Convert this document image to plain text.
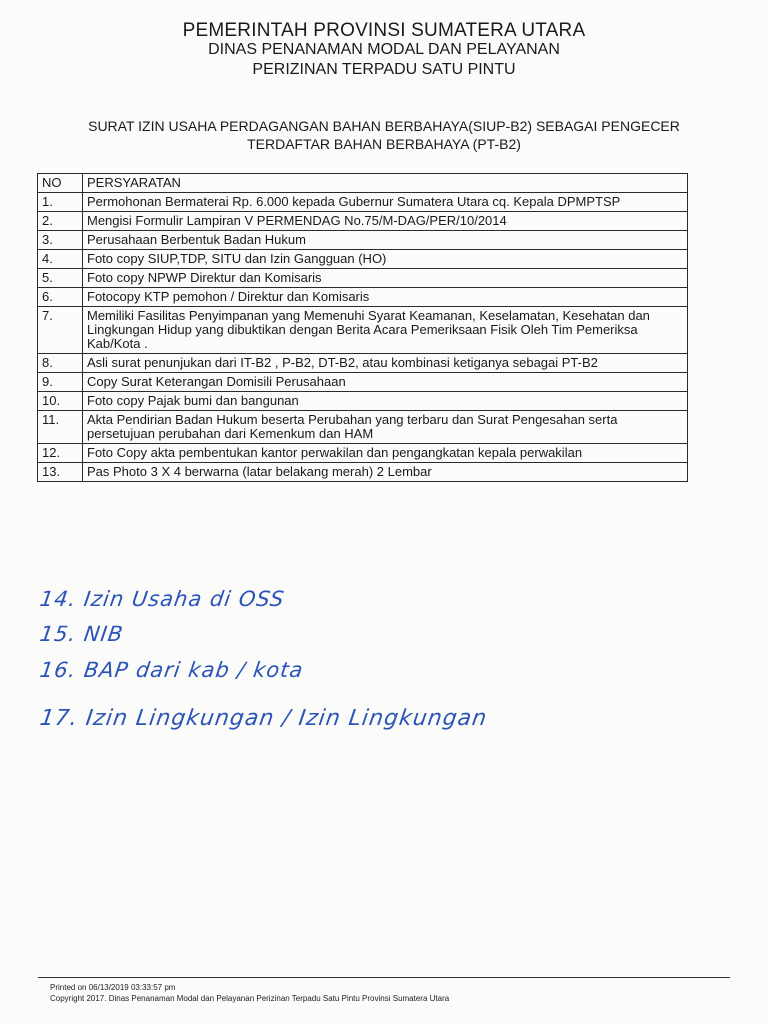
PEMERINTAH PROVINSI SUMATERA UTARA
DINAS PENANAMAN MODAL DAN PELAYANAN
PERIZINAN TERPADU SATU PINTU
SURAT IZIN USAHA PERDAGANGAN BAHAN BERBAHAYA(SIUP-B2) SEBAGAI PENGECER
TERDAFTAR BAHAN BERBAHAYA (PT-B2)
NO	PERSYARATAN
1.	Permohonan Bermaterai Rp. 6.000 kepada Gubernur Sumatera Utara cq. Kepala DPMPTSP
2.	Mengisi Formulir Lampiran V PERMENDAG No.75/M-DAG/PER/10/2014
3.	Perusahaan Berbentuk Badan Hukum
4.	Foto copy SIUP,TDP, SITU dan Izin Gangguan (HO)
5.	Foto copy NPWP Direktur dan Komisaris
6.	Fotocopy KTP pemohon / Direktur dan Komisaris
7.	Memiliki Fasilitas Penyimpanan yang Memenuhi Syarat Keamanan, Keselamatan, Kesehatan dan Lingkungan Hidup yang dibuktikan dengan Berita Acara Pemeriksaan Fisik Oleh Tim Pemeriksa Kab/Kota .
8.	Asli surat penunjukan dari IT-B2 , P-B2, DT-B2, atau kombinasi ketiganya sebagai PT-B2
9.	Copy Surat Keterangan Domisili Perusahaan
10.	Foto copy Pajak bumi dan bangunan
11.	Akta Pendirian Badan Hukum beserta Perubahan yang terbaru dan Surat Pengesahan serta persetujuan perubahan dari Kemenkum dan HAM
12.	Foto Copy akta pembentukan kantor perwakilan dan pengangkatan kepala perwakilan
13.	Pas Photo 3 X 4 berwarna (latar belakang merah) 2 Lembar
14. Izin Usaha di OSS
15. NIB
16. BAP dari kab / kota
17. Izin Lingkungan / Izin Lingkungan
Printed on 06/13/2019 03:33:57 pm
Copyright 2017. Dinas Penanaman Modal dan Pelayanan Perizinan Terpadu Satu Pintu Provinsi Sumatera Utara
